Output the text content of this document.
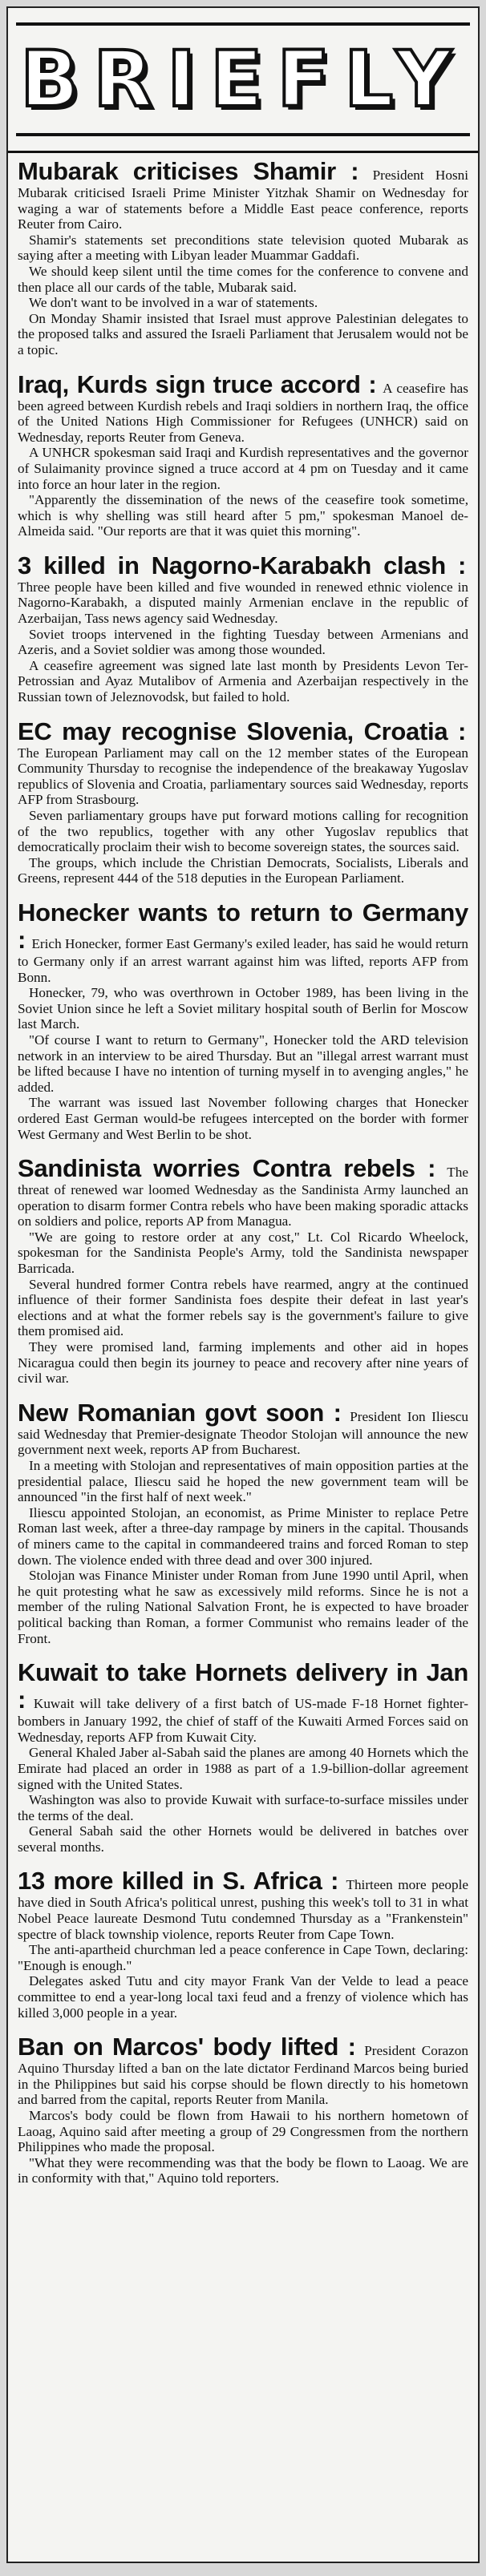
BRIEFLY

Mubarak criticises Shamir : President Hosni Mubarak criticised Israeli Prime Minister Yitzhak Shamir on Wednesday for waging a war of statements before a Middle East peace conference, reports Reuter from Cairo.

Shamir's statements set preconditions state television quoted Mubarak as saying after a meeting with Libyan leader Muammar Gaddafi.

We should keep silent until the time comes for the conference to convene and then place all our cards of the table, Mubarak said.

We don't want to be involved in a war of statements.

On Monday Shamir insisted that Israel must approve Palestinian delegates to the proposed talks and assured the Israeli Parliament that Jerusalem would not be a topic.

Iraq, Kurds sign truce accord : A ceasefire has been agreed between Kurdish rebels and Iraqi soldiers in northern Iraq, the office of the United Nations High Commissioner for Refugees (UNHCR) said on Wednesday, reports Reuter from Geneva.

A UNHCR spokesman said Iraqi and Kurdish representatives and the governor of Sulaimanity province signed a truce accord at 4 pm on Tuesday and it came into force an hour later in the region.

"Apparently the dissemination of the news of the ceasefire took sometime, which is why shelling was still heard after 5 pm," spokesman Manoel de-Almeida said. "Our reports are that it was quiet this morning".

3 killed in Nagorno-Karabakh clash : Three people have been killed and five wounded in renewed ethnic violence in Nagorno-Karabakh, a disputed mainly Armenian enclave in the republic of Azerbaijan, Tass news agency said Wednesday.

Soviet troops intervened in the fighting Tuesday between Armenians and Azeris, and a Soviet soldier was among those wounded.

A ceasefire agreement was signed late last month by Presidents Levon Ter-Petrossian and Ayaz Mutalibov of Armenia and Azerbaijan respectively in the Russian town of Jeleznovodsk, but failed to hold.

EC may recognise Slovenia, Croatia : The European Parliament may call on the 12 member states of the European Community Thursday to recognise the independence of the breakaway Yugoslav republics of Slovenia and Croatia, parliamentary sources said Wednesday, reports AFP from Strasbourg.

Seven parliamentary groups have put forward motions calling for recognition of the two republics, together with any other Yugoslav republics that democratically proclaim their wish to become sovereign states, the sources said.

The groups, which include the Christian Democrats, Socialists, Liberals and Greens, represent 444 of the 518 deputies in the European Parliament.

Honecker wants to return to Germany : Erich Honecker, former East Germany's exiled leader, has said he would return to Germany only if an arrest warrant against him was lifted, reports AFP from Bonn.

Honecker, 79, who was overthrown in October 1989, has been living in the Soviet Union since he left a Soviet military hospital south of Berlin for Moscow last March.

"Of course I want to return to Germany", Honecker told the ARD television network in an interview to be aired Thursday. But an "illegal arrest warrant must be lifted because I have no intention of turning myself in to avenging angles," he added.

The warrant was issued last November following charges that Honecker ordered East German would-be refugees intercepted on the border with former West Germany and West Berlin to be shot.

Sandinista worries Contra rebels : The threat of renewed war loomed Wednesday as the Sandinista Army launched an operation to disarm former Contra rebels who have been making sporadic attacks on soldiers and police, reports AP from Managua.

"We are going to restore order at any cost," Lt. Col Ricardo Wheelock, spokesman for the Sandinista People's Army, told the Sandinista newspaper Barricada.

Several hundred former Contra rebels have rearmed, angry at the continued influence of their former Sandinista foes despite their defeat in last year's elections and at what the former rebels say is the government's failure to give them promised aid.

They were promised land, farming implements and other aid in hopes Nicaragua could then begin its journey to peace and recovery after nine years of civil war.

New Romanian govt soon : President Ion Iliescu said Wednesday that Premier-designate Theodor Stolojan will announce the new government next week, reports AP from Bucharest.

In a meeting with Stolojan and representatives of main opposition parties at the presidential palace, Iliescu said he hoped the new government team will be announced "in the first half of next week."

Iliescu appointed Stolojan, an economist, as Prime Minister to replace Petre Roman last week, after a three-day rampage by miners in the capital. Thousands of miners came to the capital in commandeered trains and forced Roman to step down. The violence ended with three dead and over 300 injured.

Stolojan was Finance Minister under Roman from June 1990 until April, when he quit protesting what he saw as excessively mild reforms. Since he is not a member of the ruling National Salvation Front, he is expected to have broader political backing than Roman, a former Communist who remains leader of the Front.

Kuwait to take Hornets delivery in Jan : Kuwait will take delivery of a first batch of US-made F-18 Hornet fighter-bombers in January 1992, the chief of staff of the Kuwaiti Armed Forces said on Wednesday, reports AFP from Kuwait City.

General Khaled Jaber al-Sabah said the planes are among 40 Hornets which the Emirate had placed an order in 1988 as part of a 1.9-billion-dollar agreement signed with the United States.

Washington was also to provide Kuwait with surface-to-surface missiles under the terms of the deal.

General Sabah said the other Hornets would be delivered in batches over several months.

13 more killed in S. Africa : Thirteen more people have died in South Africa's political unrest, pushing this week's toll to 31 in what Nobel Peace laureate Desmond Tutu condemned Thursday as a "Frankenstein" spectre of black township violence, reports Reuter from Cape Town.

The anti-apartheid churchman led a peace conference in Cape Town, declaring: "Enough is enough."

Delegates asked Tutu and city mayor Frank Van der Velde to lead a peace committee to end a year-long local taxi feud and a frenzy of violence which has killed 3,000 people in a year.

Ban on Marcos' body lifted : President Corazon Aquino Thursday lifted a ban on the late dictator Ferdinand Marcos being buried in the Philippines but said his corpse should be flown directly to his hometown and barred from the capital, reports Reuter from Manila.

Marcos's body could be flown from Hawaii to his northern hometown of Laoag, Aquino said after meeting a group of 29 Congressmen from the northern Philippines who made the proposal.

"What they were recommending was that the body be flown to Laoag. We are in conformity with that," Aquino told reporters.
